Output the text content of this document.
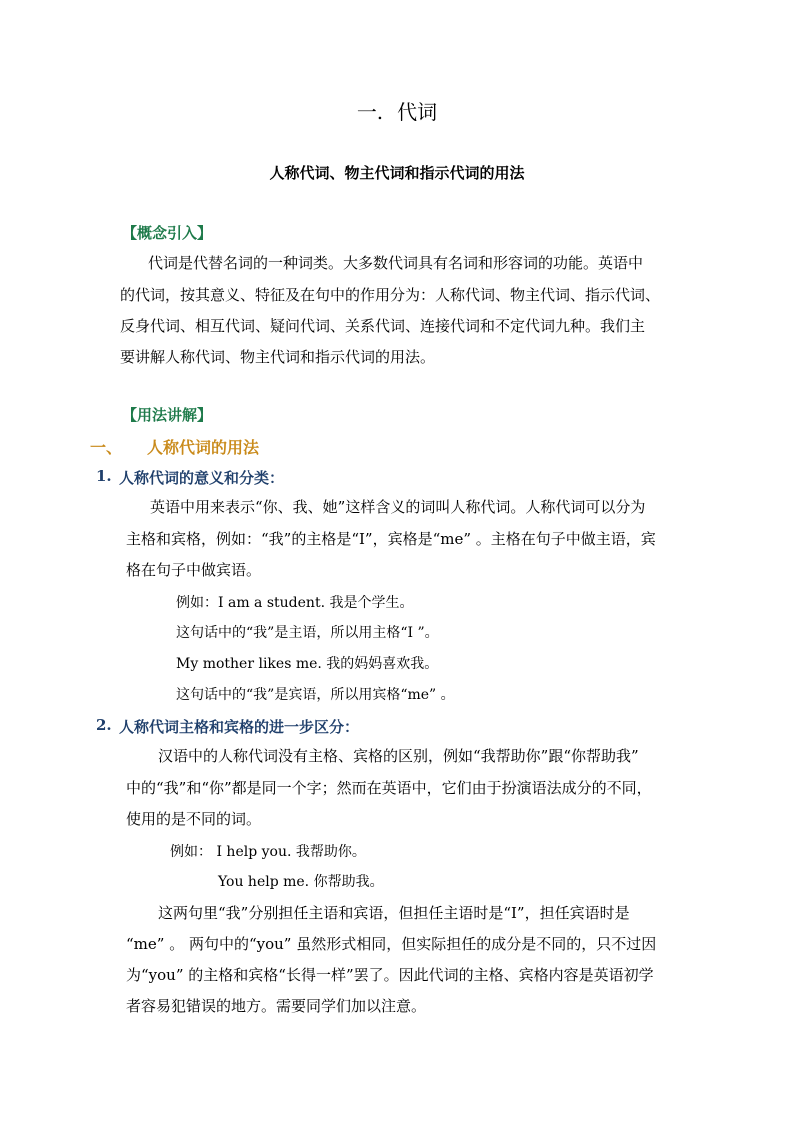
一. 代词
人称代词、物主代词和指示代词的用法
【概念引入】
代词是代替名词的一种词类。大多数代词具有名词和形容词的功能。英语中
的代词，按其意义、特征及在句中的作用分为：人称代词、物主代词、指示代词、
反身代词、相互代词、疑问代词、关系代词、连接代词和不定代词九种。我们主
要讲解人称代词、物主代词和指示代词的用法。
【用法讲解】
一、 人称代词的用法
1. 人称代词的意义和分类：
英语中用来表示“你、我、她”这样含义的词叫人称代词。人称代词可以分为
主格和宾格，例如：“我”的主格是“I”，宾格是“me” 。主格在句子中做主语，宾
格在句子中做宾语。
例如：I am a student. 我是个学生。
这句话中的“我”是主语，所以用主格“I ”。
My mother likes me. 我的妈妈喜欢我。
这句话中的“我”是宾语，所以用宾格“me” 。
2. 人称代词主格和宾格的进一步区分：
汉语中的人称代词没有主格、宾格的区别，例如“我帮助你”跟“你帮助我”
中的“我”和“你”都是同一个字；然而在英语中，它们由于扮演语法成分的不同，
使用的是不同的词。
例如： I help you. 我帮助你。
You help me. 你帮助我。
这两句里“我”分别担任主语和宾语，但担任主语时是“I”，担任宾语时是
“me” 。 两句中的“you” 虽然形式相同，但实际担任的成分是不同的，只不过因
为“you” 的主格和宾格“长得一样”罢了。因此代词的主格、宾格内容是英语初学
者容易犯错误的地方。需要同学们加以注意。
